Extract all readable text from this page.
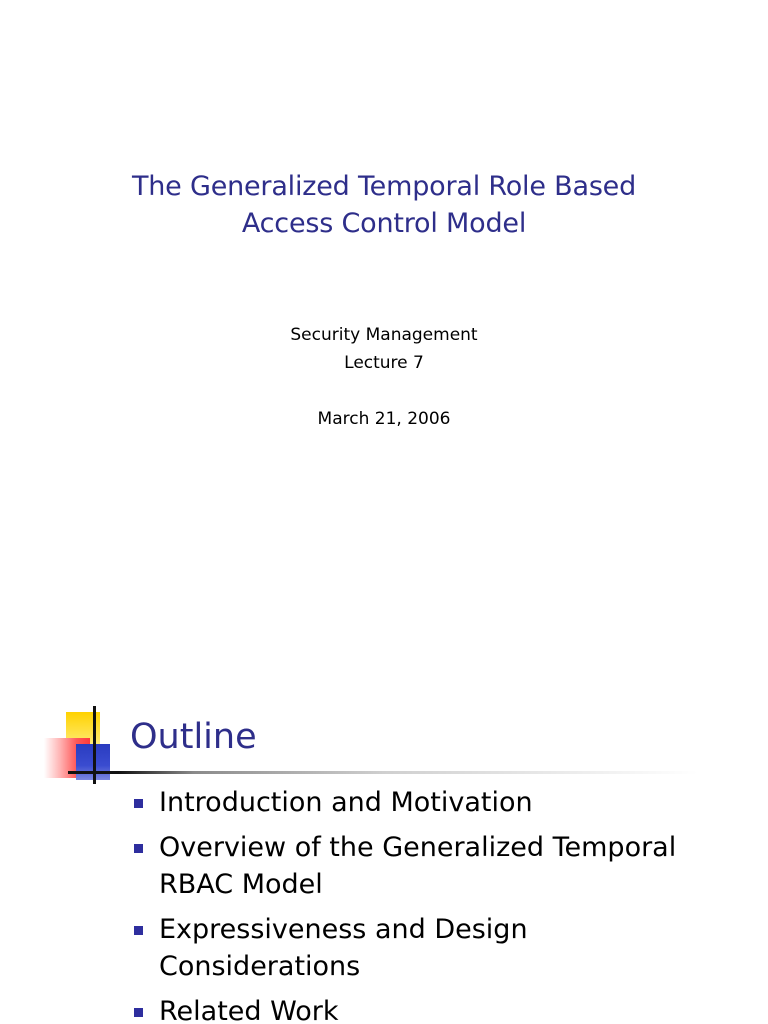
The Generalized Temporal Role Based
Access Control Model
Security Management
Lecture 7
March 21, 2006
Outline
Introduction and Motivation
Overview of the Generalized Temporal
RBAC Model
Expressiveness and Design
Considerations
Related Work
